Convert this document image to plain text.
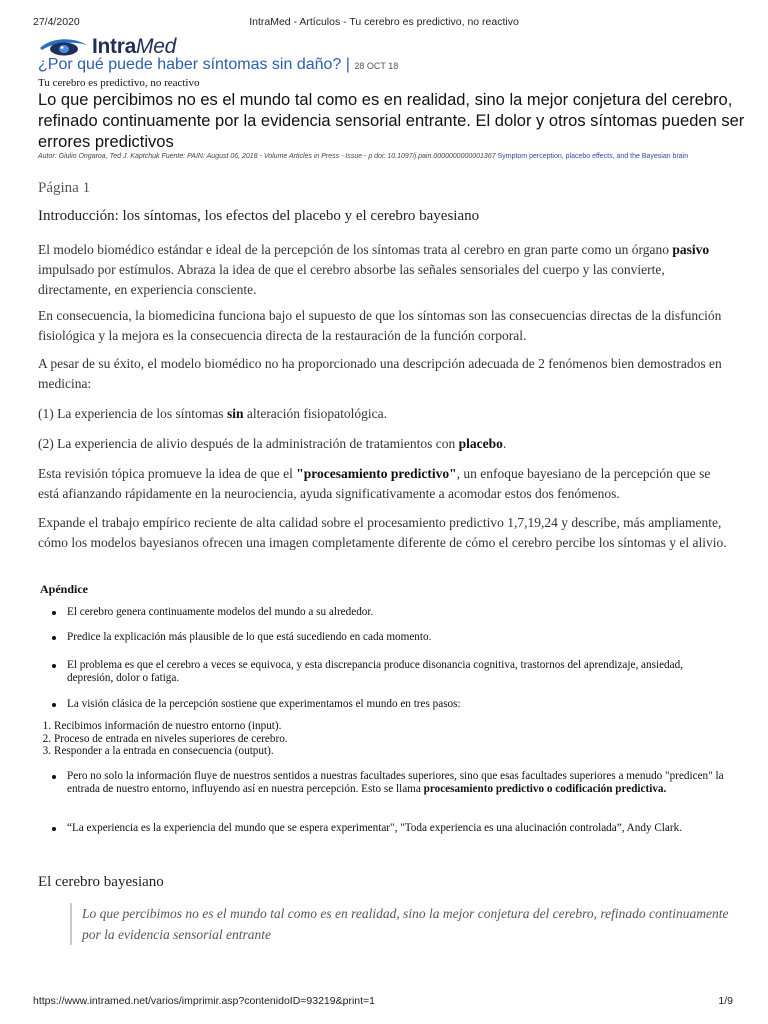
27/4/2020	IntraMed - Artículos - Tu cerebro es predictivo, no reactivo
Intra Med
¿Por qué puede haber síntomas sin daño? | 28 OCT 18
Tu cerebro es predictivo, no reactivo
Lo que percibimos no es el mundo tal como es en realidad, sino la mejor conjetura del cerebro, refinado continuamente por la evidencia sensorial entrante. El dolor y otros síntomas pueden ser errores predictivos
Autor: Giulio Ongaroa, Ted J. Kaptchuk Fuente: PAIN: August 06, 2018 - Volume Articles in Press - Issue - p doi: 10.1097/j.pain.0000000000001367 Symptom perception, placebo effects, and the Bayesian brain
Página 1
Introducción: los síntomas, los efectos del placebo y el cerebro bayesiano
El modelo biomédico estándar e ideal de la percepción de los síntomas trata al cerebro en gran parte como un órgano pasivo impulsado por estímulos. Abraza la idea de que el cerebro absorbe las señales sensoriales del cuerpo y las convierte, directamente, en experiencia consciente.
En consecuencia, la biomedicina funciona bajo el supuesto de que los síntomas son las consecuencias directas de la disfunción fisiológica y la mejora es la consecuencia directa de la restauración de la función corporal.
A pesar de su éxito, el modelo biomédico no ha proporcionado una descripción adecuada de 2 fenómenos bien demostrados en medicina:
(1) La experiencia de los síntomas sin alteración fisiopatológica.
(2) La experiencia de alivio después de la administración de tratamientos con placebo.
Esta revisión tópica promueve la idea de que el "procesamiento predictivo", un enfoque bayesiano de la percepción que se está afianzando rápidamente en la neurociencia, ayuda significativamente a acomodar estos dos fenómenos.
Expande el trabajo empírico reciente de alta calidad sobre el procesamiento predictivo 1,7,19,24 y describe, más ampliamente, cómo los modelos bayesianos ofrecen una imagen completamente diferente de cómo el cerebro percibe los síntomas y el alivio.
Apéndice
El cerebro genera continuamente modelos del mundo a su alrededor.
Predice la explicación más plausible de lo que está sucediendo en cada momento.
El problema es que el cerebro a veces se equivoca, y esta discrepancia produce disonancia cognitiva, trastornos del aprendizaje, ansiedad, depresión, dolor o fatiga.
La visión clásica de la percepción sostiene que experimentamos el mundo en tres pasos:
1. Recibimos información de nuestro entorno (input).
2. Proceso de entrada en niveles superiores de cerebro.
3. Responder a la entrada en consecuencia (output).
Pero no solo la información fluye de nuestros sentidos a nuestras facultades superiores, sino que esas facultades superiores a menudo "predicen" la entrada de nuestro entorno, influyendo así en nuestra percepción. Esto se llama procesamiento predictivo o codificación predictiva.
“La experiencia es la experiencia del mundo que se espera experimentar", "Toda experiencia es una alucinación controlada”, Andy Clark.
El cerebro bayesiano
Lo que percibimos no es el mundo tal como es en realidad, sino la mejor conjetura del cerebro, refinado continuamente por la evidencia sensorial entrante
https://www.intramed.net/varios/imprimir.asp?contenidoID=93219&print=1	1/9
